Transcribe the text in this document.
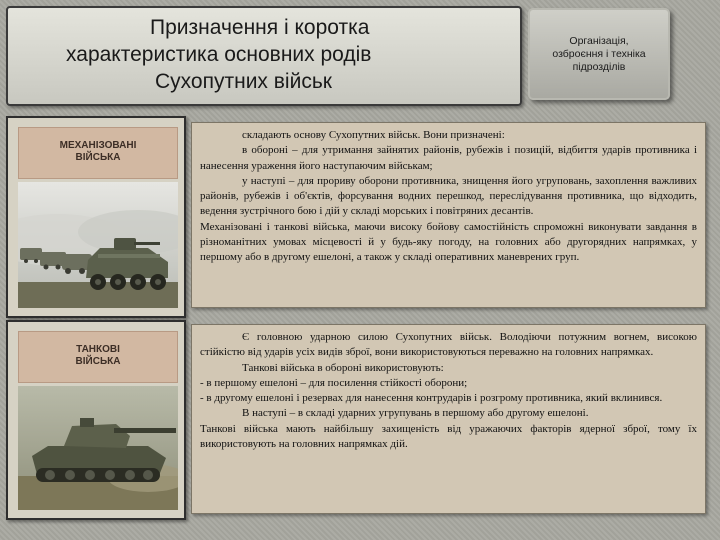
Призначення і коротка
характеристика основних родів
Сухопутних військ
Організація,
озброєння і техніка
підрозділів
МЕХАНІЗОВАНІ
ВІЙСЬКА

складають основу Сухопутних військ. Вони призначені:

в обороні – для утримання зайнятих районів, рубежів і позицій, відбиття ударів противника і нанесення ураження його наступаючим військам;

у наступі – для прориву оборони противника, знищення його угруповань, захоплення важливих районів, рубежів і об'єктів, форсування водних перешкод, переслідування противника, що відходить, ведення зустрічного бою і дій у складі морських і повітряних десантів.

Механізовані і танкові війська, маючи високу бойову самостійність спроможні виконувати завдання в різноманітних умовах місцевості й у будь-яку погоду, на головних або другорядних напрямках, у першому або в другому ешелоні, а також у складі оперативних маневрених груп.

ТАНКОВІ
ВІЙСЬКА

Є головною ударною силою Сухопутних військ. Володіючи потужним вогнем, високою стійкістю від ударів усіх видів зброї, вони використовуються переважно на головних напрямках.

Танкові війська в обороні використовують:

- в першому ешелоні – для посилення стійкості оборони;

- в другому ешелоні і резервах для нанесення контрударів і розгрому противника, який вклинився.

В наступі – в складі ударних угрупувань в першому або другому ешелоні.

Танкові війська мають найбільшу захищеність від уражаючих факторів ядерної зброї, тому їх використовують на головних напрямках дій.
